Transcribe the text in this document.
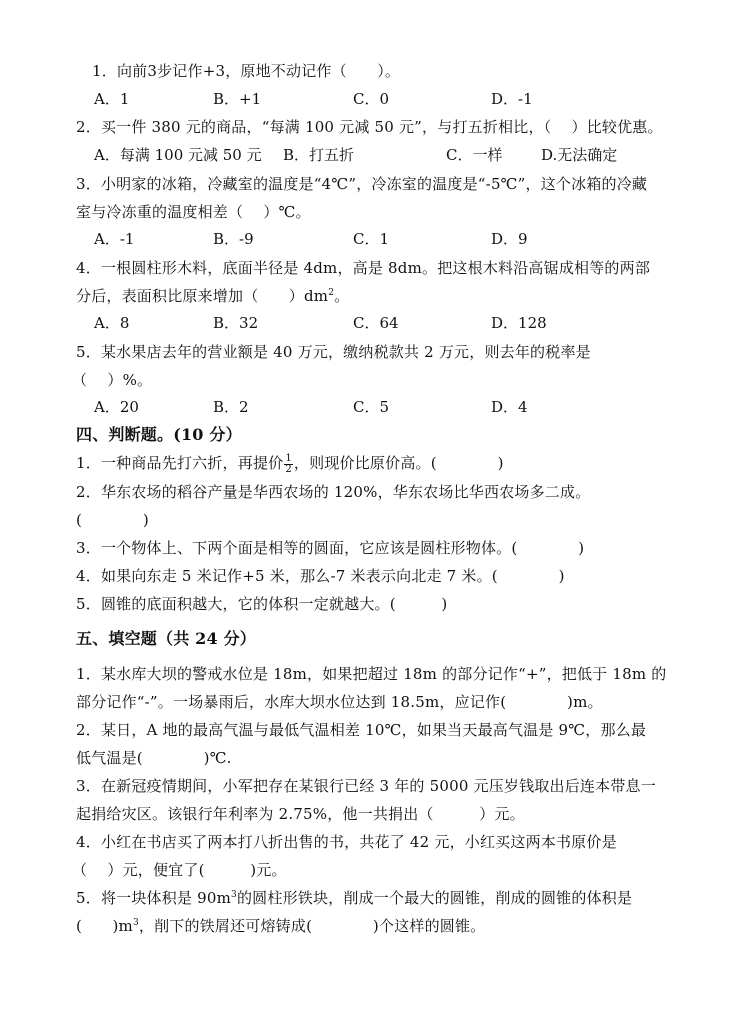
1．向前3步记作+3，原地不动记作（　　）。
A．1	B．+1	C．0	D．-1
2．买一件 380 元的商品，“每满 100 元减 50 元”，与打五折相比，（　 ）比较优惠。
A．每满 100 元减 50 元 B．打五折	C．一样	D.无法确定
3．小明家的冰箱，冷藏室的温度是“4℃”，冷冻室的温度是“-5℃”，这个冰箱的冷藏
室与冷冻重的温度相差（　 ）℃。
A．-1	B．-9	C．1	D．9
4．一根圆柱形木料，底面半径是 4dm，高是 8dm。把这根木料沿高锯成相等的两部
分后，表面积比原来增加（　　）$dm^2$。
A．8	B．32	C．64	D．128
5．某水果店去年的营业额是 40 万元，缴纳税款共 2 万元，则去年的税率是
（　 ）%。
A．20	B．2	C．5	D．4
四、判断题。(10 分）
1．一种商品先打六折，再提价 $\frac{1}{2}$ ，则现价比原价高。(　　　　)
2．华东农场的稻谷产量是华西农场的 120%，华东农场比华西农场多二成。
(　　　　)
3．一个物体上、下两个面是相等的圆面，它应该是圆柱形物体。(　　　　)
4．如果向东走 5 米记作+5 米，那么-7 米表示向北走 7 米。(　　　　)
5．圆锥的底面积越大，它的体积一定就越大。(　　　)
五、填空题（共 24 分）
1．某水库大坝的警戒水位是 18m，如果把超过 18m 的部分记作“+”，把低于 18m 的
部分记作“-”。一场暴雨后，水库大坝水位达到 18.5m，应记作(　　　　)m。
2．某日，A 地的最高气温与最低气温相差 10℃，如果当天最高气温是 9℃，那么最
低气温是(　　　　)℃.
3．在新冠疫情期间，小军把存在某银行已经 3 年的 5000 元压岁钱取出后连本带息一
起捐给灾区。该银行年利率为 2.75%，他一共捐出（　　　）元。
4．小红在书店买了两本打八折出售的书，共花了 42 元，小红买这两本书原价是
（　 ）元，便宜了(　　　)元。
5．将一块体积是 $90m^3$的圆柱形铁块，削成一个最大的圆锥，削成的圆锥的体积是
(　　)$m^3$，削下的铁屑还可熔铸成(　　　　)个这样的圆锥。
